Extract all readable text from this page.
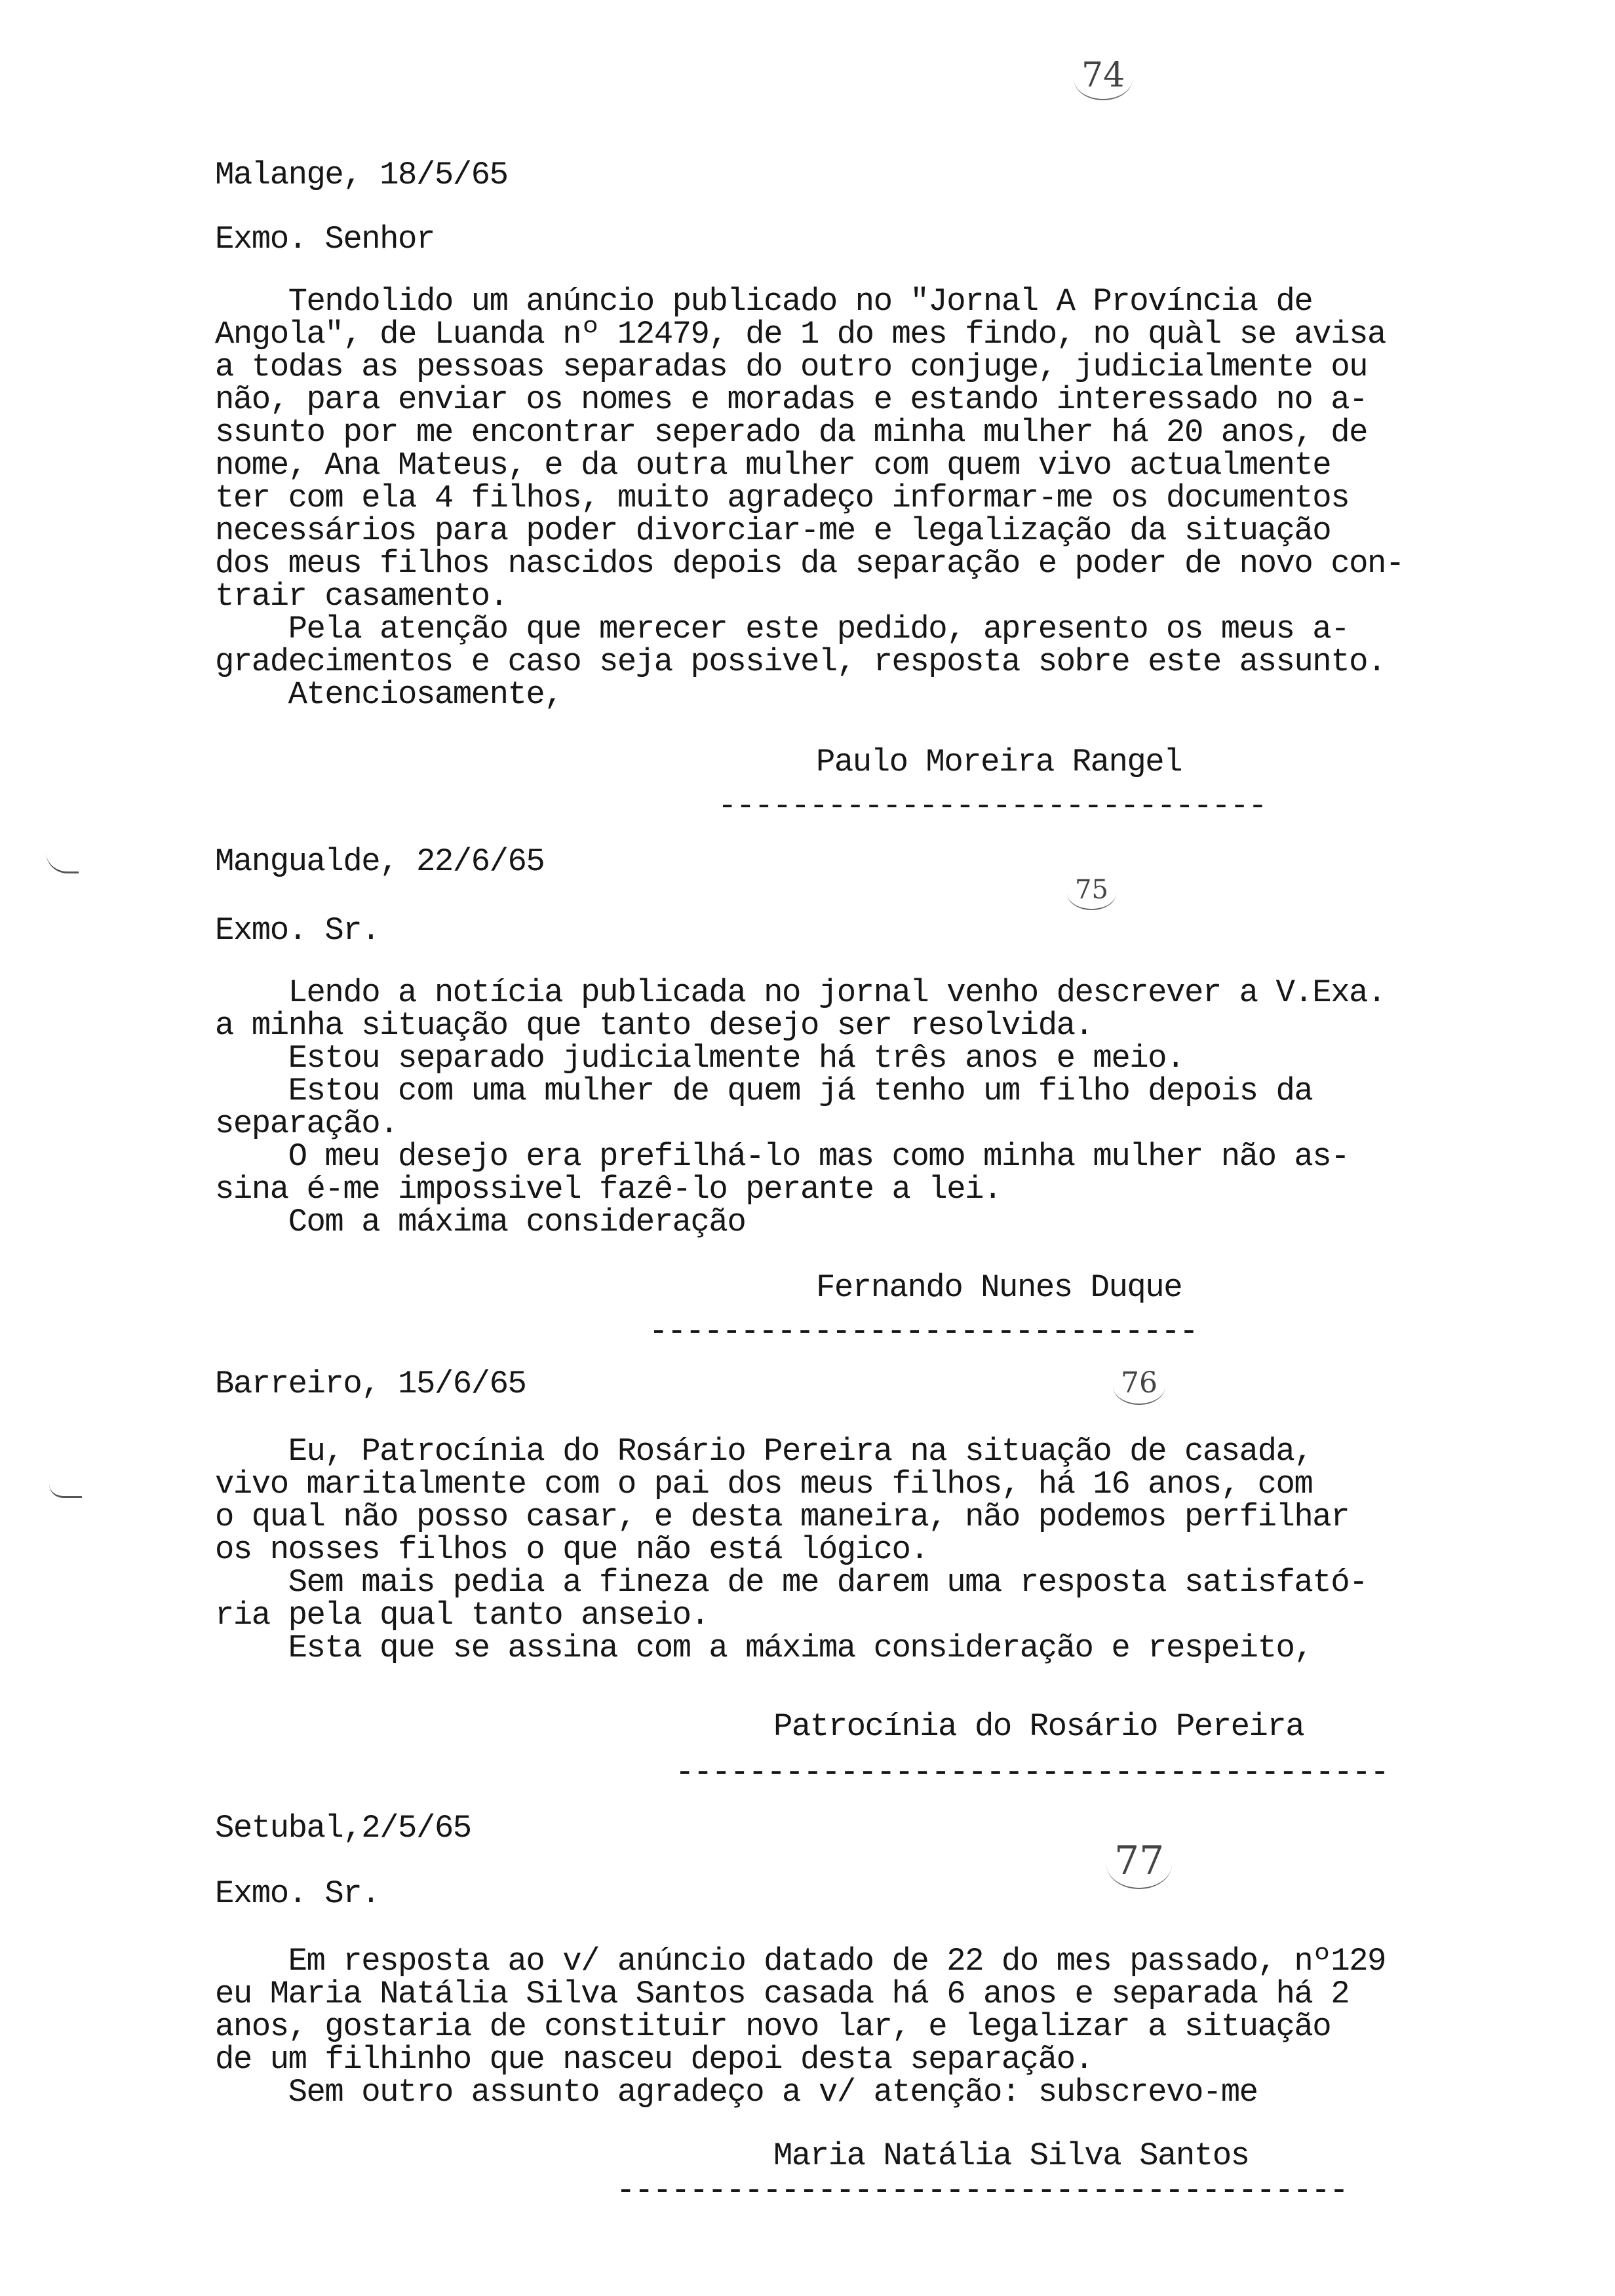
74
75
76
77
Malange, 18/5/65
Exmo. Senhor
Tendolido um anúncio publicado no "Jornal A Província de
Angola", de Luanda nº 12479, de 1 do mes findo, no quàl se avisa
a todas as pessoas separadas do outro conjuge, judicialmente ou
não, para enviar os nomes e moradas e estando interessado no a-
ssunto por me encontrar seperado da minha mulher há 20 anos, de
nome, Ana Mateus, e da outra mulher com quem vivo actualmente
ter com ela 4 filhos, muito agradeço informar-me os documentos
necessários para poder divorciar-me e legalização da situação
dos meus filhos nascidos depois da separação e poder de novo con-
trair casamento.
Pela atenção que merecer este pedido, apresento os meus a-
gradecimentos e caso seja possivel, resposta sobre este assunto.
Atenciosamente,
Paulo Moreira Rangel
------------------------------
Mangualde, 22/6/65
Exmo. Sr.
Lendo a notícia publicada no jornal venho descrever a V.Exa.
a minha situação que tanto desejo ser resolvida.
Estou separado judicialmente há três anos e meio.
Estou com uma mulher de quem já tenho um filho depois da
separação.
O meu desejo era prefilhá-lo mas como minha mulher não as-
sina é-me impossivel fazê-lo perante a lei.
Com a máxima consideração
Fernando Nunes Duque
------------------------------
Barreiro, 15/6/65
Eu, Patrocínia do Rosário Pereira na situação de casada,
vivo maritalmente com o pai dos meus filhos, há 16 anos, com
o qual não posso casar, e desta maneira, não podemos perfilhar
os nosses filhos o que não está lógico.
Sem mais pedia a fineza de me darem uma resposta satisfató-
ria pela qual tanto anseio.
Esta que se assina com a máxima consideração e respeito,
Patrocínia do Rosário Pereira
---------------------------------------
Setubal,2/5/65
Exmo. Sr.
Em resposta ao v/ anúncio datado de 22 do mes passado, nº129
eu Maria Natália Silva Santos casada há 6 anos e separada há 2
anos, gostaria de constituir novo lar, e legalizar a situação
de um filhinho que nasceu depoi desta separação.
Sem outro assunto agradeço a v/ atenção: subscrevo-me
Maria Natália Silva Santos
----------------------------------------
